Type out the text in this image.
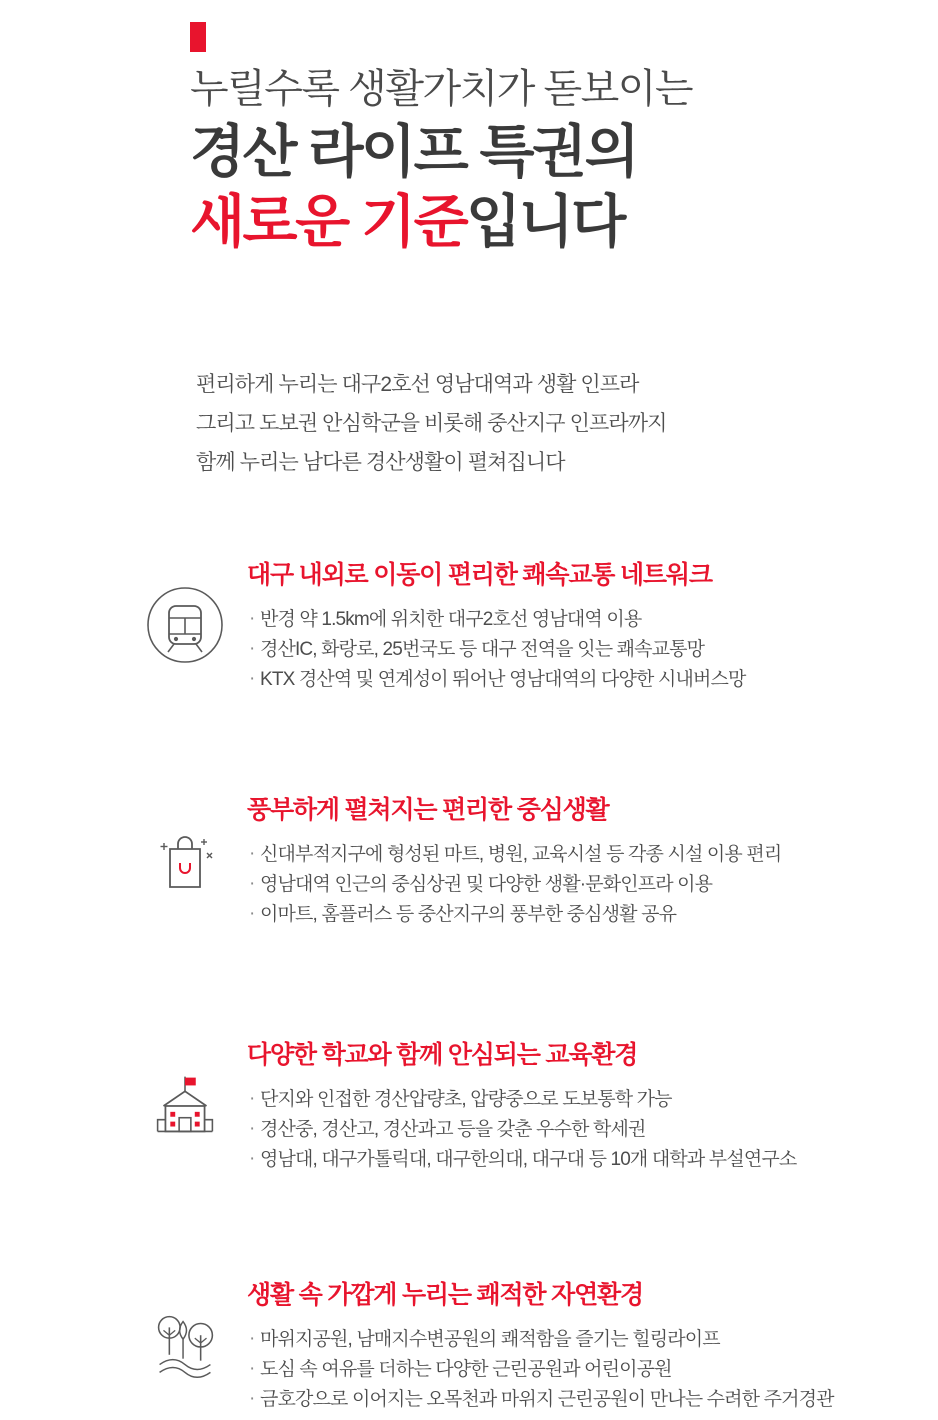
누릴수록 생활가치가 돋보이는
경산 라이프 특권의
새로운 기준입니다
편리하게 누리는 대구2호선 영남대역과 생활 인프라
그리고 도보권 안심학군을 비롯해 중산지구 인프라까지
함께 누리는 남다른 경산생활이 펼쳐집니다
대구 내외로 이동이 편리한 쾌속교통 네트워크
· 반경 약 1.5km에 위치한 대구2호선 영남대역 이용
· 경산IC, 화랑로, 25번국도 등 대구 전역을 잇는 쾌속교통망
· KTX 경산역 및 연계성이 뛰어난 영남대역의 다양한 시내버스망
풍부하게 펼쳐지는 편리한 중심생활
· 신대부적지구에 형성된 마트, 병원, 교육시설 등 각종 시설 이용 편리
· 영남대역 인근의 중심상권 및 다양한 생활·문화인프라 이용
· 이마트, 홈플러스 등 중산지구의 풍부한 중심생활 공유
다양한 학교와 함께 안심되는 교육환경
· 단지와 인접한 경산압량초, 압량중으로 도보통학 가능
· 경산중, 경산고, 경산과고 등을 갖춘 우수한 학세권
· 영남대, 대구가톨릭대, 대구한의대, 대구대 등 10개 대학과 부설연구소
생활 속 가깝게 누리는 쾌적한 자연환경
· 마위지공원, 남매지수변공원의 쾌적함을 즐기는 힐링라이프
· 도심 속 여유를 더하는 다양한 근린공원과 어린이공원
· 금호강으로 이어지는 오목천과 마위지 근린공원이 만나는 수려한 주거경관
